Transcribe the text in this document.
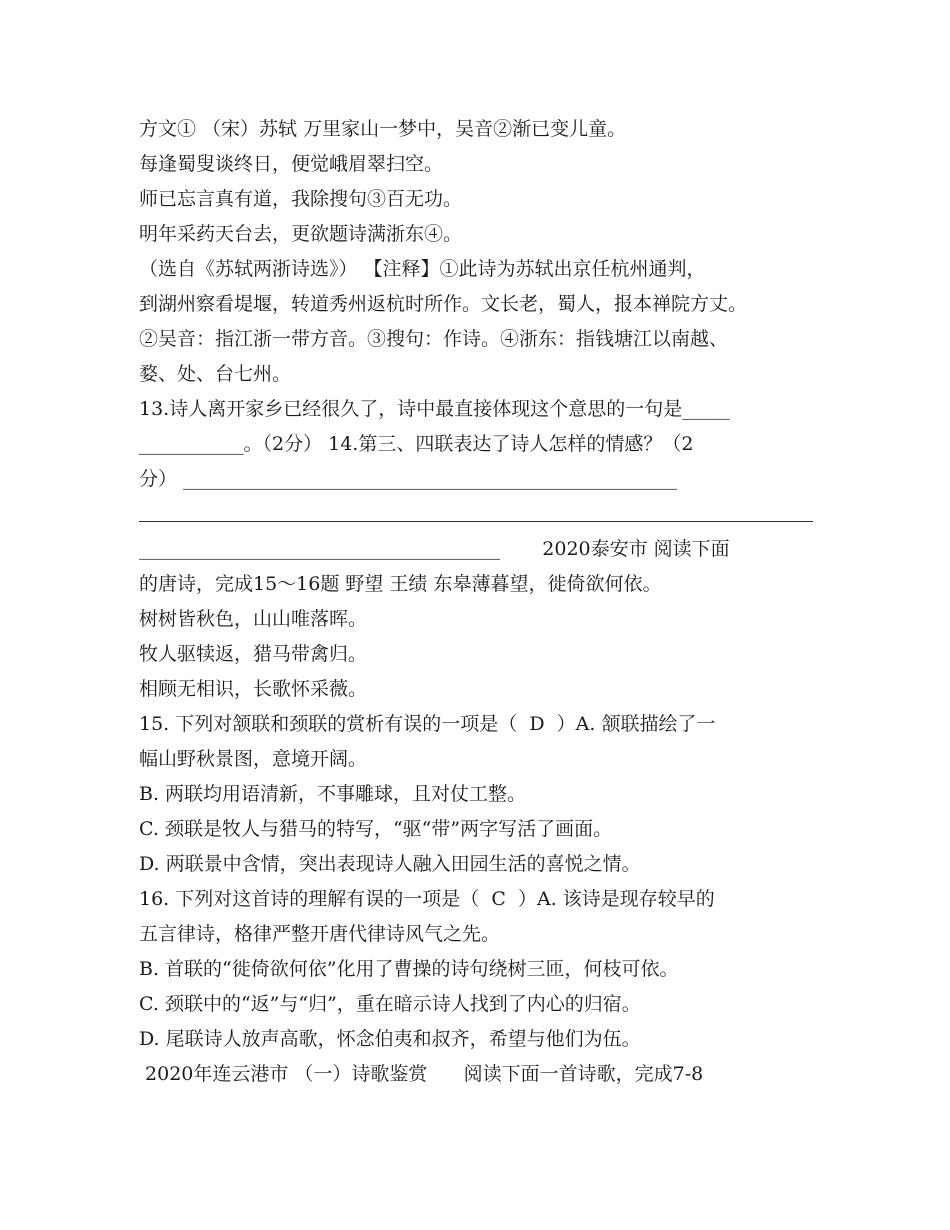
方文① （宋）苏轼 万里家山一梦中，吴音②渐已变儿童。
每逢蜀叟谈终日，便觉峨眉翠扫空。
师已忘言真有道，我除搜句③百无功。
明年采药天台去，更欲题诗满浙东④。
（选自《苏轼两浙诗选》） 【注释】①此诗为苏轼出京任杭州通判，
到湖州察看堤堰，转道秀州返杭时所作。文长老，蜀人，报本禅院方丈。
②吴音：指江浙一带方音。③搜句：作诗。④浙东：指钱塘江以南越、
婺、处、台七州。
13.诗人离开家乡已经很久了，诗中最直接体现这个意思的一句是_____
___________。（2分） 14.第三、四联表达了诗人怎样的情感？（2
分） ____________________________________________________
______________________________________       2020泰安市 阅读下面
的唐诗，完成15～16题 野望 王绩 东皋薄暮望，徙倚欲何依。
树树皆秋色，山山唯落晖。
牧人驱犊返，猎马带禽归。
相顾无相识，长歌怀采薇。
15. 下列对颔联和颈联的赏析有误的一项是（  D  ）A. 颔联描绘了一
幅山野秋景图，意境开阔。
B. 两联均用语清新，不事雕球，且对仗工整。
C. 颈联是牧人与猎马的特写，“驱“带”两字写活了画面。
D. 两联景中含情，突出表现诗人融入田园生活的喜悦之情。
16. 下列对这首诗的理解有误的一项是（  C  ）A. 该诗是现存较早的
五言律诗，格律严整开唐代律诗风气之先。
B. 首联的“徙倚欲何依”化用了曹操的诗句绕树三匝，何枝可依。
C. 颈联中的“返”与“归”，重在暗示诗人找到了内心的归宿。
D. 尾联诗人放声高歌，怀念伯夷和叔齐，希望与他们为伍。
2020年连云港市 （一）诗歌鉴赏      阅读下面一首诗歌，完成7-8
